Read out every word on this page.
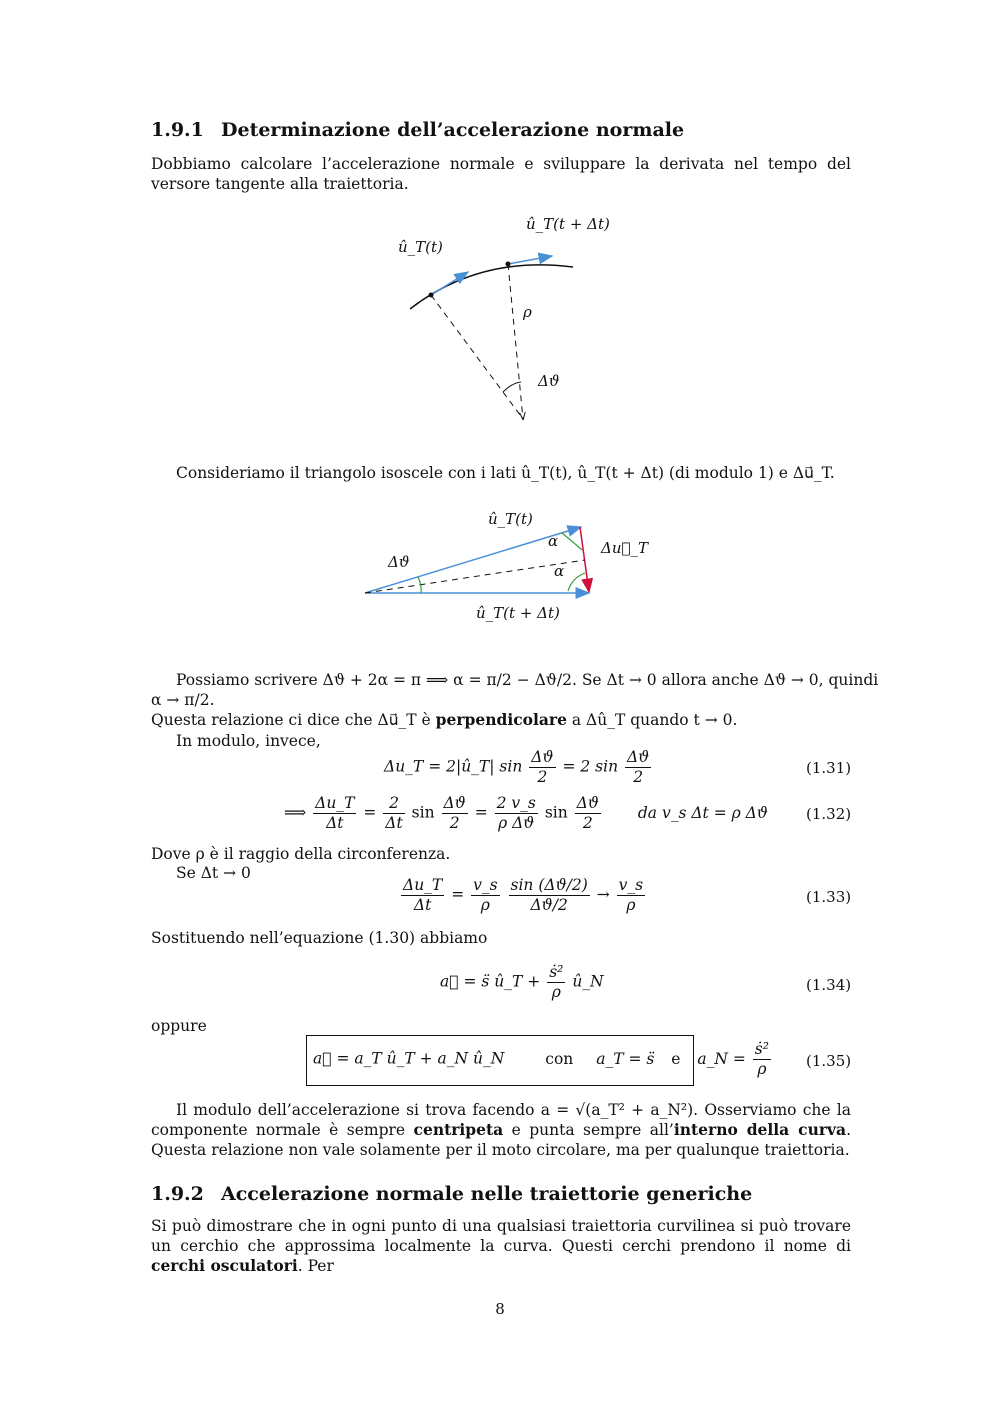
1.9.1 Determinazione dell’accelerazione normale
Dobbiamo calcolare l’accelerazione normale e sviluppare la derivata nel tempo del versore tangente alla traiettoria.
û_T(t)
û_T(t + Δt)
ρ
Δϑ
Consideriamo il triangolo isoscele con i lati û_T(t), û_T(t + Δt) (di modulo 1) e Δu⃗_T.
û_T(t)
û_T(t + Δt)
Δϑ
Δu⃗_T
α
α
Possiamo scrivere Δϑ + 2α = π ⟹ α = π/2 − Δϑ/2. Se Δt → 0 allora anche Δϑ → 0, quindi
α → π/2.
Questa relazione ci dice che Δu⃗_T è perpendicolare a Δû_T quando t → 0.
In modulo, invece,
Δu_T = 2|û_T| $\sin \frac{\Delta ϑ}{2} = 2$ $\sin \frac{\Delta ϑ}{2}$	(1.31)
⟹ $\frac{\Delta u\_T}{\Delta t} = \frac{2}{\Delta t}$ $\sin \frac{\Delta ϑ}{2} = \frac{2 v\_s}{\text{ρ Δϑ}}$ $\sin \frac{\Delta ϑ}{2}$ da v_s Δt = ρ Δϑ	(1.32)
Dove ρ è il raggio della circonferenza.
Se Δt → 0
$\frac{\Delta u\_T}{\Delta t} = \frac{v\_s}{\rho}$
$\frac{\sin (\Delta ϑ/2)}{\Delta ϑ/2} \to \frac{v\_s}{\rho}$	(1.33)
Sostituendo nell’equazione (1.30) abbiamo
a⃗ = s̈ û_T + $\frac{\text{ṡ²}}{\rho}$ û_N	(1.34)
oppure
a⃗ = a_T û_T + a_N û_N	con a_T = s̈ e a_N = $\frac{\text{ṡ²}}{\rho} (1.35)$
Il modulo dell’accelerazione si trova facendo a = √(a_T² + a_N²). Osserviamo che la componente normale è sempre centripeta e punta sempre all’interno della curva. Questa relazione non vale solamente per il moto circolare, ma per qualunque traiettoria.
1.9.2 Accelerazione normale nelle traiettorie generiche
Si può dimostrare che in ogni punto di una qualsiasi traiettoria curvilinea si può trovare un cerchio che approssima localmente la curva. Questi cerchi prendono il nome di cerchi osculatori. Per
8
